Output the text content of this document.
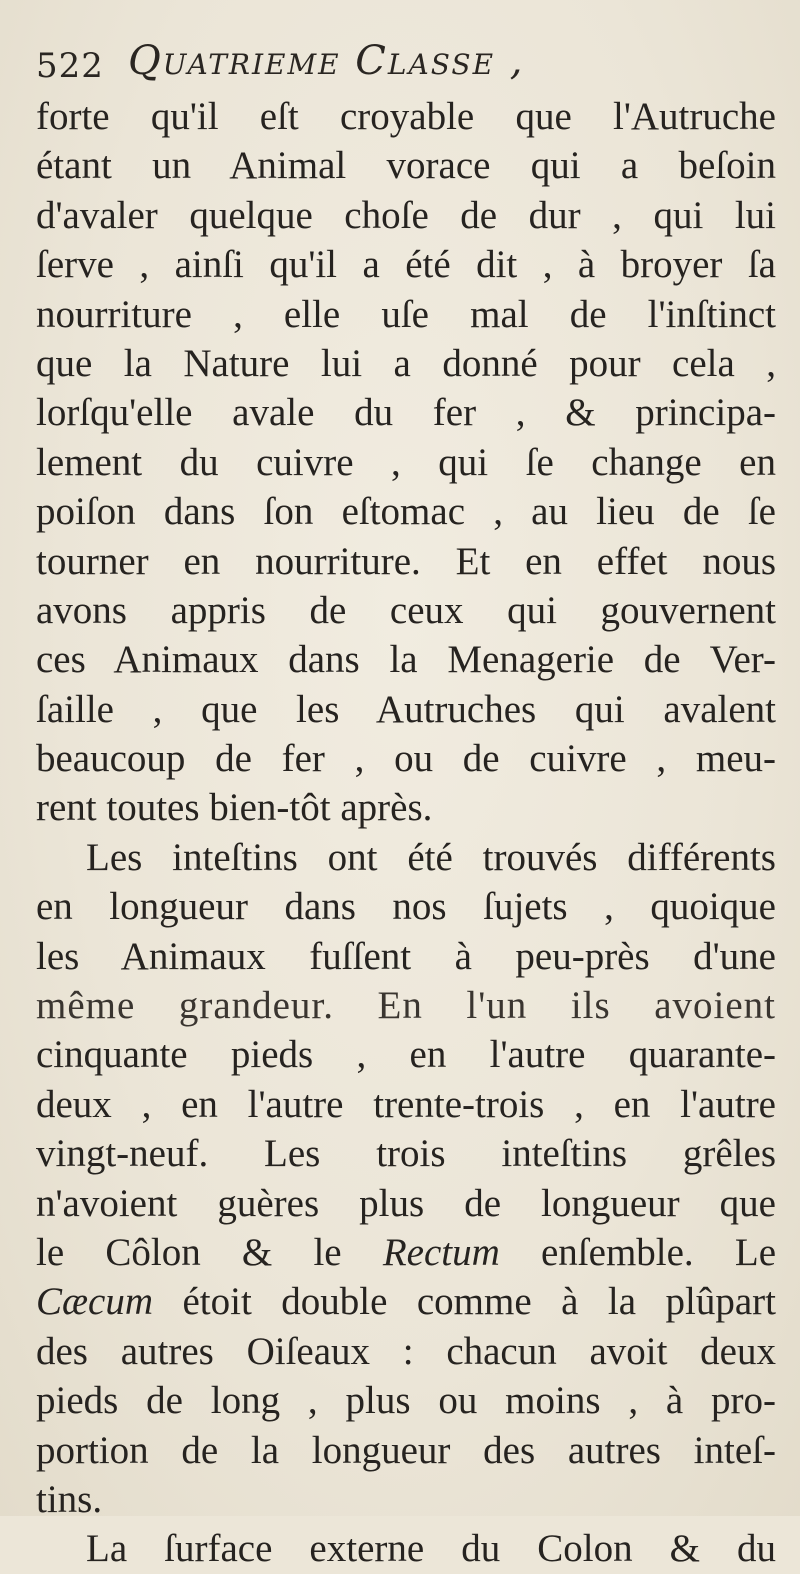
522 Quatrieme Classe ,
forte qu'il eſt croyable que l'Autruche
étant un Animal vorace qui a beſoin
d'avaler quelque choſe de dur , qui lui
ſerve , ainſi qu'il a été dit , à broyer ſa
nourriture , elle uſe mal de l'inſtinct
que la Nature lui a donné pour cela ,
lorſqu'elle avale du fer , & principa-
lement du cuivre , qui ſe change en
poiſon dans ſon eſtomac , au lieu de ſe
tourner en nourriture. Et en effet nous
avons appris de ceux qui gouvernent
ces Animaux dans la Menagerie de Ver-
ſaille , que les Autruches qui avalent
beaucoup de fer , ou de cuivre , meu-
rent toutes bien-tôt après.
Les inteſtins ont été trouvés différents
en longueur dans nos ſujets , quoique
les Animaux fuſſent à peu-près d'une
même grandeur. En l'un ils avoient
cinquante pieds , en l'autre quarante-
deux , en l'autre trente-trois , en l'autre
vingt-neuf. Les trois inteſtins grêles
n'avoient guères plus de longueur que
le Côlon & le Rectum enſemble. Le
Cæcum étoit double comme à la plûpart
des autres Oiſeaux : chacun avoit deux
pieds de long , plus ou moins , à pro-
portion de la longueur des autres inteſ-
tins.
La ſurface externe du Colon & du
